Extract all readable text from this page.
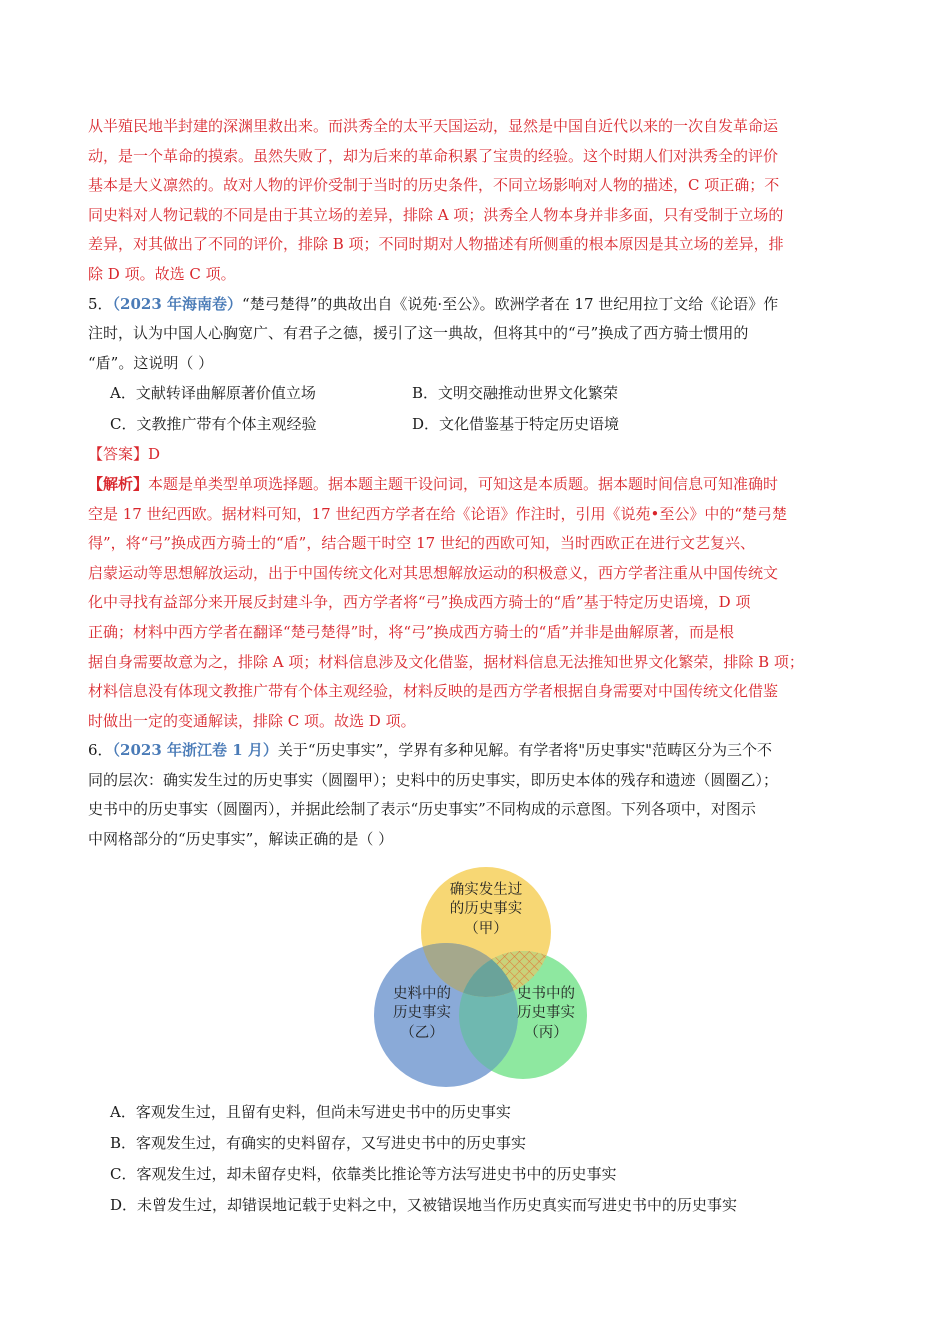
从半殖民地半封建的深渊里救出来。而洪秀全的太平天国运动，显然是中国自近代以来的一次自发革命运

动，是一个革命的摸索。虽然失败了，却为后来的革命积累了宝贵的经验。这个时期人们对洪秀全的评价

基本是大义凛然的。故对人物的评价受制于当时的历史条件，不同立场影响对人物的描述，C 项正确；不

同史料对人物记载的不同是由于其立场的差异，排除 A 项；洪秀全人物本身并非多面，只有受制于立场的

差异，对其做出了不同的评价，排除 B 项；不同时期对人物描述有所侧重的根本原因是其立场的差异，排

除 D 项。故选 C 项。

5．（2023 年海南卷）“楚弓楚得”的典故出自《说苑·至公》。欧洲学者在 17 世纪用拉丁文给《论语》作

注时，认为中国人心胸宽广、有君子之德，援引了这一典故，但将其中的“弓”换成了西方骑士惯用的

“盾”。这说明（ ）

A．文献转译曲解原著价值立场	B．文明交融推动世界文化繁荣
C．文教推广带有个体主观经验	D．文化借鉴基于特定历史语境

【答案】D

【解析】本题是单类型单项选择题。据本题主题干设问词，可知这是本质题。据本题时间信息可知准确时

空是 17 世纪西欧。据材料可知，17 世纪西方学者在给《论语》作注时，引用《说苑•至公》中的“楚弓楚

得”，将“弓”换成西方骑士的“盾”，结合题干时空 17 世纪的西欧可知，当时西欧正在进行文艺复兴、

启蒙运动等思想解放运动，出于中国传统文化对其思想解放运动的积极意义，西方学者注重从中国传统文

化中寻找有益部分来开展反封建斗争，西方学者将“弓”换成西方骑士的“盾”基于特定历史语境，D 项

正确；材料中西方学者在翻译“楚弓楚得”时，将“弓”换成西方骑士的“盾”并非是曲解原著，而是根

据自身需要故意为之，排除 A 项；材料信息涉及文化借鉴，据材料信息无法推知世界文化繁荣，排除 B 项；

材料信息没有体现文教推广带有个体主观经验，材料反映的是西方学者根据自身需要对中国传统文化借鉴

时做出一定的变通解读，排除 C 项。故选 D 项。

6．（2023 年浙江卷 1 月）关于“历史事实”，学界有多种见解。有学者将"历史事实"范畴区分为三个不

同的层次：确实发生过的历史事实（圆圈甲）；史料中的历史事实，即历史本体的残存和遗迹（圆圈乙）；

史书中的历史事实（圆圈丙），并据此绘制了表示“历史事实”不同构成的示意图。下列各项中，对图示

中网格部分的“历史事实”，解读正确的是（ ）

确实发生过
的历史事实
（甲）
史料中的
历史事实
（乙）
史书中的
历史事实
（丙）
A．客观发生过，且留有史料，但尚未写进史书中的历史事实
B．客观发生过，有确实的史料留存，又写进史书中的历史事实
C．客观发生过，却未留存史料，依靠类比推论等方法写进史书中的历史事实
D．未曾发生过，却错误地记载于史料之中，又被错误地当作历史真实而写进史书中的历史事实
